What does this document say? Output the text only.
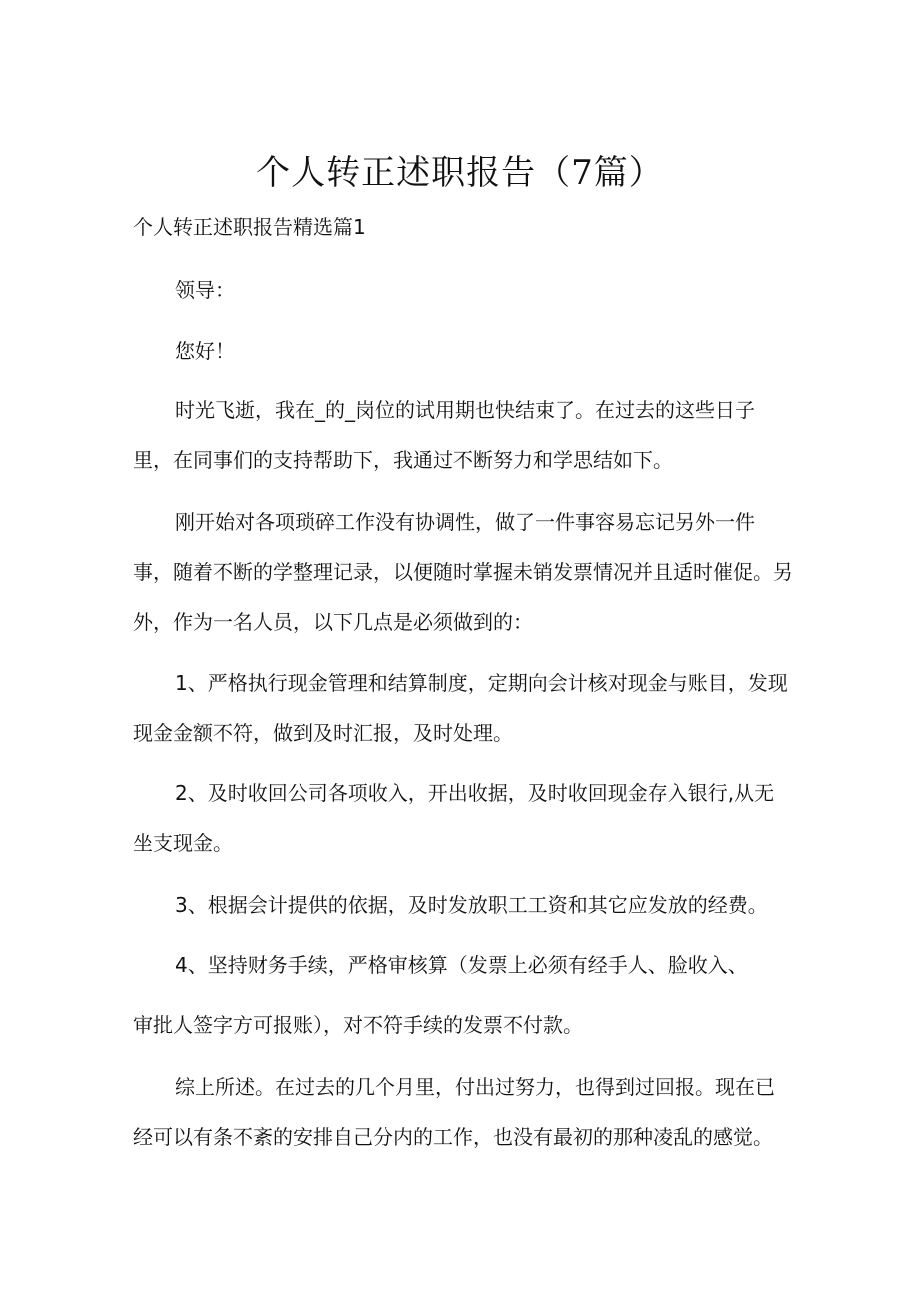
个人转正述职报告（7篇）
个人转正述职报告精选篇1
领导：
您好！
时光飞逝，我在_的_岗位的试用期也快结束了。在过去的这些日子里，在同事们的支持帮助下，我通过不断努力和学思结如下。
刚开始对各项琐碎工作没有协调性，做了一件事容易忘记另外一件事，随着不断的学整理记录，以便随时掌握未销发票情况并且适时催促。另外，作为一名人员，以下几点是必须做到的：
1、严格执行现金管理和结算制度，定期向会计核对现金与账目，发现现金金额不符，做到及时汇报，及时处理。
2、及时收回公司各项收入，开出收据，及时收回现金存入银行,从无坐支现金。
3、根据会计提供的依据，及时发放职工工资和其它应发放的经费。
4、坚持财务手续，严格审核算（发票上必须有经手人、脸收入、
审批人签字方可报账），对不符手续的发票不付款。
综上所述。在过去的几个月里，付出过努力，也得到过回报。现在已经可以有条不紊的安排自己分内的工作，也没有最初的那种凌乱的感觉。
